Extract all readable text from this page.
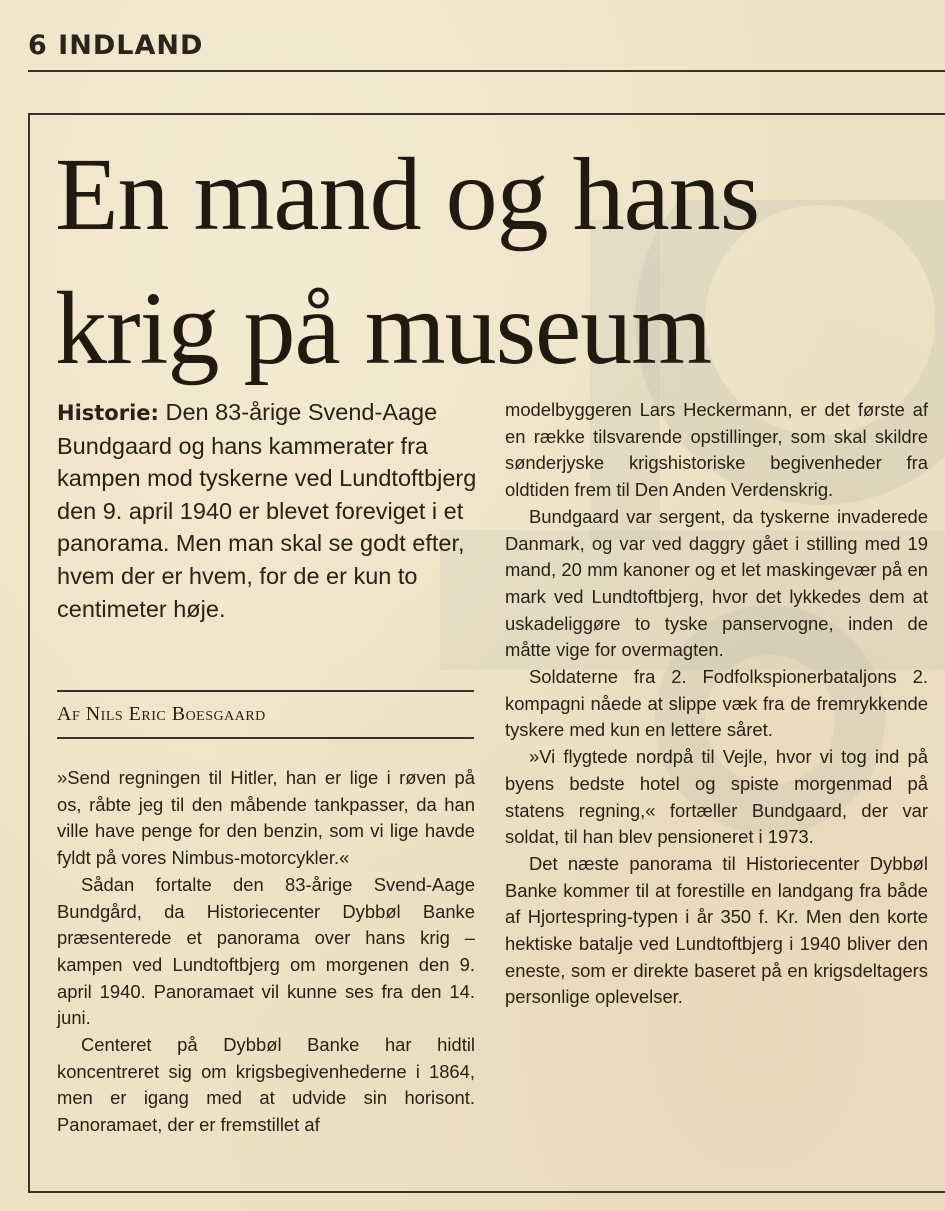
6 INDLAND
En mand og hans
krig på museum

Historie: Den 83-årige Svend-Aage Bundgaard og hans kammerater fra kampen mod tyskerne ved Lundtoftbjerg den 9. april 1940 er blevet foreviget i et panorama. Men man skal se godt efter, hvem der er hvem, for de er kun to centimeter høje.

Af Nils Eric Boesgaard

»Send regningen til Hitler, han er lige i røven på os, råbte jeg til den måbende tankpasser, da han ville have penge for den benzin, som vi lige havde fyldt på vores Nimbus-motorcykler.«

Sådan fortalte den 83-årige Svend-Aage Bundgård, da Historiecenter Dybbøl Banke præsenterede et panorama over hans krig – kampen ved Lundtoftbjerg om morgenen den 9. april 1940. Panoramaet vil kunne ses fra den 14. juni.

Centeret på Dybbøl Banke har hidtil koncentreret sig om krigsbegivenhederne i 1864, men er igang med at udvide sin horisont. Panoramaet, der er fremstillet af

modelbyggeren Lars Heckermann, er det første af en række tilsvarende opstillinger, som skal skildre sønderjyske krigshistoriske begivenheder fra oldtiden frem til Den Anden Verdenskrig.

Bundgaard var sergent, da tyskerne invaderede Danmark, og var ved daggry gået i stilling med 19 mand, 20 mm kanoner og et let maskingevær på en mark ved Lundtoftbjerg, hvor det lykkedes dem at uskadeliggøre to tyske panservogne, inden de måtte vige for overmagten.

Soldaterne fra 2. Fodfolkspionerbataljons 2. kompagni nåede at slippe væk fra de fremrykkende tyskere med kun en lettere såret.

»Vi flygtede nordpå til Vejle, hvor vi tog ind på byens bedste hotel og spiste morgenmad på statens regning,« fortæller Bundgaard, der var soldat, til han blev pensioneret i 1973.

Det næste panorama til Historiecenter Dybbøl Banke kommer til at forestille en landgang fra både af Hjortespring-typen i år 350 f. Kr. Men den korte hektiske batalje ved Lundtoftbjerg i 1940 bliver den eneste, som er direkte baseret på en krigsdeltagers personlige oplevelser.
